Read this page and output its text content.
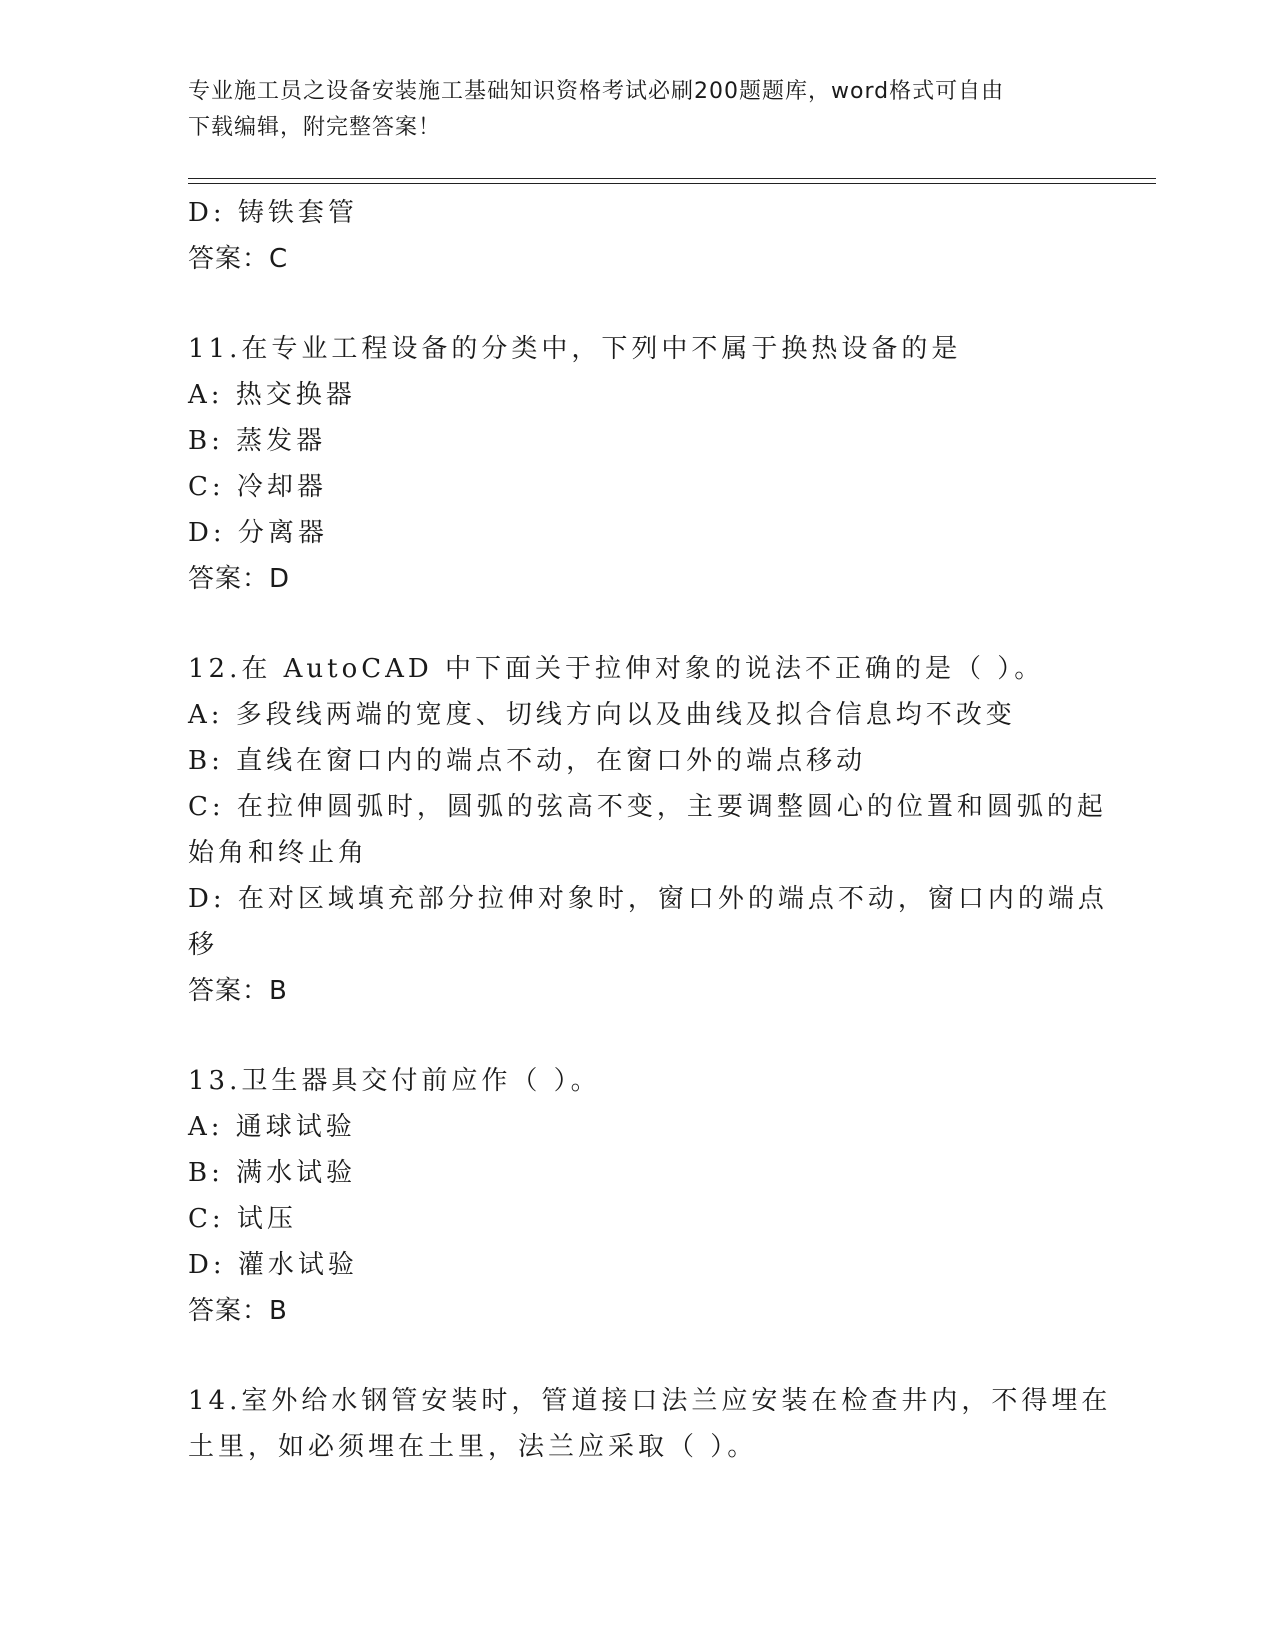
专业施工员之设备安装施工基础知识资格考试必刷200题题库，word格式可自由
下载编辑，附完整答案！
D: 铸铁套管
答案：C
11.在专业工程设备的分类中，下列中不属于换热设备的是
A: 热交换器
B: 蒸发器
C: 冷却器
D: 分离器
答案：D
12.在 AutoCAD 中下面关于拉伸对象的说法不正确的是（ ）。
A: 多段线两端的宽度、切线方向以及曲线及拟合信息均不改变
B: 直线在窗口内的端点不动，在窗口外的端点移动
C: 在拉伸圆弧时，圆弧的弦高不变，主要调整圆心的位置和圆弧的起
始角和终止角
D: 在对区域填充部分拉伸对象时，窗口外的端点不动，窗口内的端点
移
答案：B
13.卫生器具交付前应作（ ）。
A: 通球试验
B: 满水试验
C: 试压
D: 灌水试验
答案：B
14.室外给水钢管安装时，管道接口法兰应安装在检查井内，不得埋在
土里，如必须埋在土里，法兰应采取（ ）。
